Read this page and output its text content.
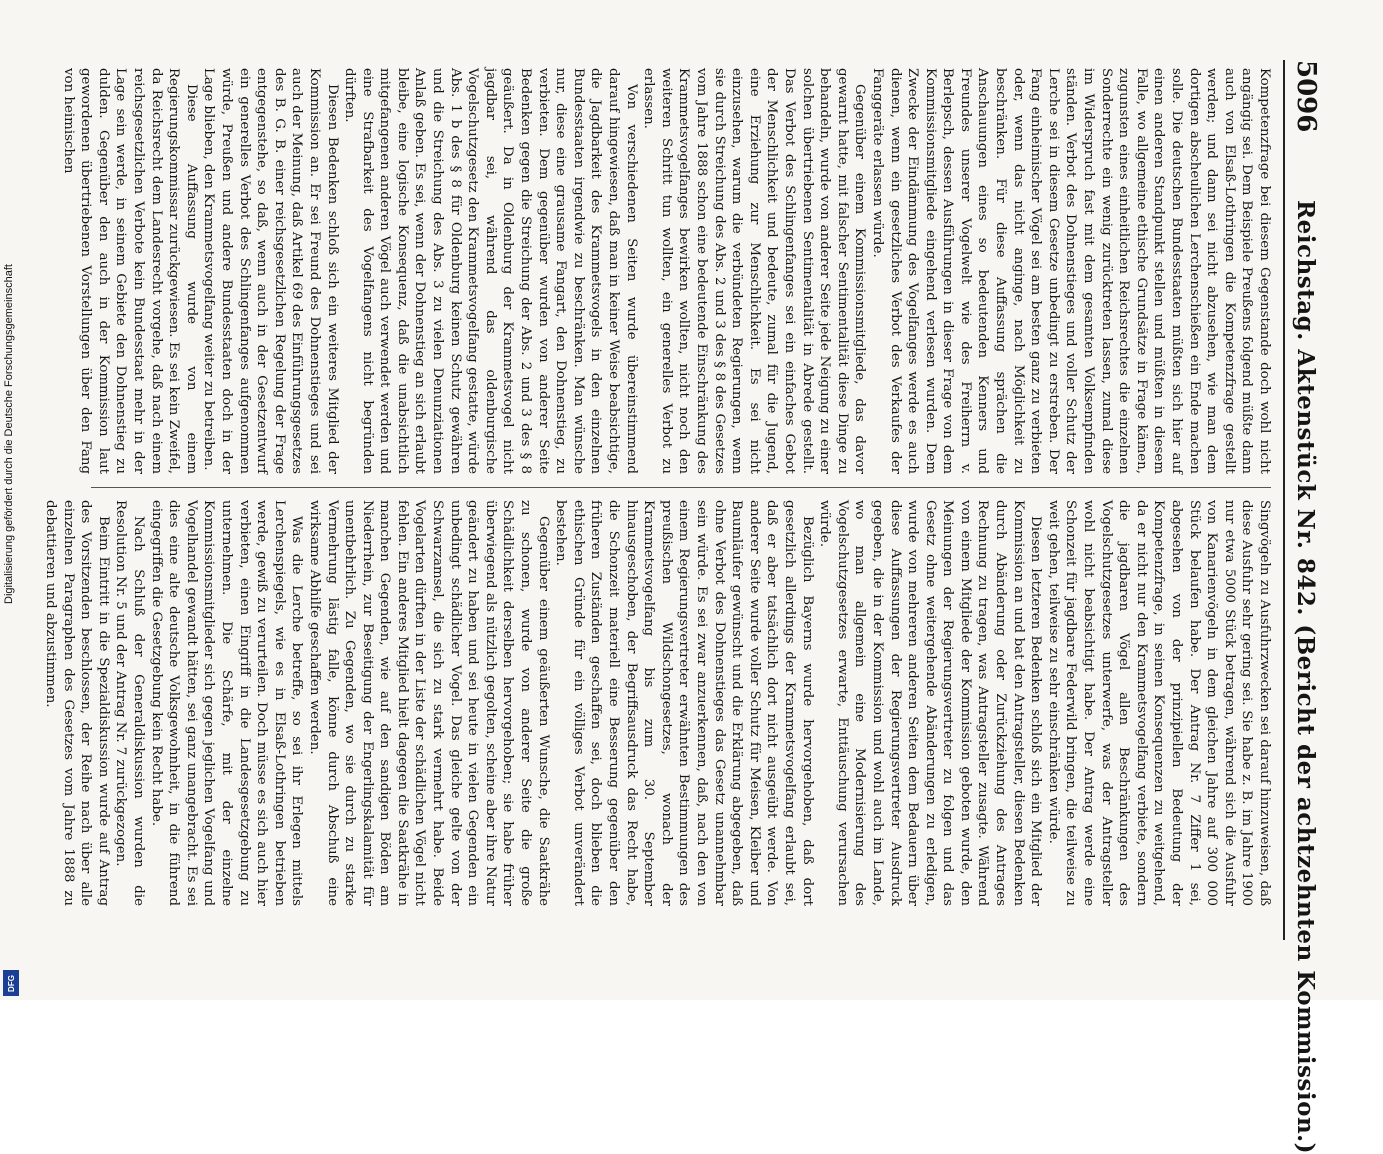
5096
Reichstag. Aktenstück Nr. 842. (Bericht der achtzehnten Kommission.)

Kompetenzfrage bei diesem Gegenstande doch wohl nicht angängig sei. Dem Beispiele Preußens folgend müßte dann auch von Elsaß-Lothringen die Kompetenzfrage gestellt werden; und dann sei nicht abzusehen, wie man dem dortigen abscheulichen Lerchenschießen ein Ende machen solle. Die deutschen Bundesstaaten müßten sich hier auf einen anderen Standpunkt stellen und müßten in diesem Falle, wo allgemeine ethische Grundsätze in Frage kämen, zugunsten eines einheitlichen Reichsrechtes die einzelnen Sonderrechte ein wenig zurücktreten lassen, zumal diese im Widerspruch fast mit dem gesamten Volksempfinden ständen. Verbot des Dohnenstieges und voller Schutz der Lerche sei in diesem Gesetze unbedingt zu erstreben. Der Fang einheimischer Vögel sei am besten ganz zu verbieten oder, wenn das nicht anginge, nach Möglichkeit zu beschränken. Für diese Auffassung sprächen die Anschauungen eines so bedeutenden Kenners und Freundes unserer Vogelwelt wie des Freiherrn v. Berlepsch, dessen Ausführungen in dieser Frage von dem Kommissionsmitgliede eingehend verlesen wurden. Dem Zwecke der Eindämmung des Vogelfanges werde es auch dienen, wenn ein gesetzliches Verbot des Verkaufes der Fanggeräte erlassen würde.

Gegenüber einem Kommissionsmitgliede, das davor gewarnt hatte, mit falscher Sentimentalität diese Dinge zu behandeln, wurde von anderer Seite jede Neigung zu einer solchen übertriebenen Sentimentalität in Abrede gestellt. Das Verbot des Schlingenfanges sei ein einfaches Gebot der Menschlichkeit und bedeute, zumal für die Jugend, eine Erziehung zur Menschlichkeit. Es sei nicht einzusehen, warum die verbündeten Regierungen, wenn sie durch Streichung des Abs. 2 und 3 des § 8 des Gesetzes vom Jahre 1888 schon eine bedeutende Einschränkung des Krammetsvogelfanges bewirken wollten, nicht noch den weiteren Schritt tun wollten, ein generelles Verbot zu erlassen.

Von verschiedenen Seiten wurde übereinstimmend darauf hingewiesen, daß man in keiner Weise beabsichtige, die Jagdbarkeit des Krammetsvogels in den einzelnen Bundesstaaten irgendwie zu beschränken. Man wünsche nur, diese eine grausame Fangart, den Dohnenstieg, zu verbieten. Dem gegenüber wurden von anderer Seite Bedenken gegen die Streichung der Abs. 2 und 3 des § 8 geäußert. Da in Oldenburg der Krammetsvogel nicht jagdbar sei, während das oldenburgische Vogelschutzgesetz den Krammetsvogelfang gestatte, würde Abs. 1 b des § 8 für Oldenburg keinen Schutz gewähren und die Streichung des Abs. 3 zu vielen Denunziationen Anlaß geben. Es sei, wenn der Dohnenstieg an sich erlaubt bleibe, eine logische Konsequenz, daß die unabsichtlich mitgefangenen anderen Vögel auch verwendet werden und eine Strafbarkeit des Vogelfangens nicht begründen dürften.

Diesen Bedenken schloß sich ein weiteres Mitglied der Kommission an. Er sei Freund des Dohnenstieges und sei auch der Meinung, daß Artikel 69 des Einführungsgesetzes des B. G. B. einer reichsgesetzlichen Regelung der Frage entgegenstehe, so daß, wenn auch in der Gesetzentwurf ein generelles Verbot des Schlingenfanges aufgenommen würde, Preußen und andere Bundesstaaten doch in der Lage blieben, den Krammetsvogelfang weiter zu betreiben.

Diese Auffassung wurde von einem Regierungskommissar zurückgewiesen. Es sei kein Zweifel, da Reichsrecht dem Landesrecht vorgehe, daß nach einem reichsgesetzlichen Verbote kein Bundesstaat mehr in der Lage sein werde, in seinem Gebiete den Dohnenstieg zu dulden. Gegenüber den auch in der Kommission laut gewordenen übertriebenen Vorstellungen über den Fang von heimischen

Singvögeln zu Ausfuhrzwecken sei darauf hinzuweisen, daß diese Ausfuhr sehr gering sei. Sie habe z. B. im Jahre 1900 nur etwa 5000 Stück betragen, während sich die Ausfuhr von Kanarienvögeln in dem gleichen Jahre auf 300 000 Stück belaufen habe. Der Antrag Nr. 7 Ziffer 1 sei, abgesehen von der prinzipiellen Bedeutung der Kompetenzfrage, in seinen Konsequenzen zu weitgehend, da er nicht nur den Krammetsvogelfang verbiete, sondern die jagdbaren Vögel allen Beschränkungen des Vogelschutzgesetzes unterwerfe, was der Antragsteller wohl nicht beabsichtigt habe. Der Antrag werde eine Schonzeit für jagdbare Federwild bringen, die teilweise zu weit gehen, teilweise zu sehr einschränken würde.

Diesen letzteren Bedenken schloß sich ein Mitglied der Kommission an und bat den Antragsteller, diesen Bedenken durch Abänderung oder Zurückziehung des Antrages Rechnung zu tragen, was Antragsteller zusagte. Während von einem Mitgliede der Kommission geboten wurde, den Meinungen der Regierungsvertreter zu folgen und das Gesetz ohne weitergehende Abänderungen zu erledigen, wurde von mehreren anderen Seiten dem Bedauern über diese Auffassungen der Regierungsvertreter Ausdruck gegeben, die in der Kommission und wohl auch im Lande, wo man allgemein eine Modernisierung des Vogelschutzgesetzes erwarte, Enttäuschung verursachen würde.

Bezüglich Bayerns wurde hervorgehoben, daß dort gesetzlich allerdings der Krammetsvogelfang erlaubt sei, daß er aber tatsächlich dort nicht ausgeübt werde. Von anderer Seite wurde voller Schutz für Meisen, Kleiber und Baumläufer gewünscht und die Erklärung abgegeben, daß ohne Verbot des Dohnenstieges das Gesetz unannehmbar sein würde. Es sei zwar anzuerkennen, daß, nach den von einem Regierungsvertreter erwähnten Bestimmungen des preußischen Wildschongesetzes, wonach der Krammetsvogelfang bis zum 30. September hinausgeschoben, der Begriffsausdruck das Recht habe, die Schonzeit materiell eine Besserung gegenüber den früheren Zuständen geschaffen sei, doch blieben die ethischen Gründe für ein völliges Verbot unverändert bestehen.

Gegenüber einem geäußerten Wunsche, die Saatkrähe zu schonen, wurde von anderer Seite die große Schädlichkeit derselben hervorgehoben; sie habe früher überwiegend als nützlich gegolten, scheine aber ihre Natur geändert zu haben und sei heute in vielen Gegenden ein unbedingt schädlicher Vogel. Das gleiche gelte von der Schwarzamsel, die sich zu stark vermehrt habe. Beide Vogelarten dürften in der Liste der schädlichen Vögel nicht fehlen. Ein anderes Mitglied hielt dagegen die Saatkrähe in manchen Gegenden, wie auf den sandigen Böden am Niederrhein, zur Beseitigung der Engerlingskalamität für unentbehrlich. Zu Gegenden, wo sie durch zu starke Vermehrung lästig falle, könne durch Abschuß eine wirksame Abhilfe geschaffen werden.

Was die Lerche betreffe, so sei ihr Erlegen mittels Lerchenspiegels, wie es in Elsaß-Lothringen betrieben werde, gewiß zu verurteilen. Doch müsse es sich auch hier verbieten, einen Eingriff in die Landesgesetzgebung zu unternehmen. Die Schärfe, mit der einzelne Kommissionsmitglieder sich gegen jeglichen Vogelfang und Vogelhandel gewandt hätten, sei ganz unangebracht. Es sei dies eine alte deutsche Volksgewohnheit, in die führend eingegriffen die Gesetzgebung kein Recht habe.

Nach Schluß der Generaldiskussion wurden die Resolution Nr. 5 und der Antrag Nr. 7 zurückgezogen.

Beim Eintritt in die Spezialdiskussion wurde auf Antrag des Vorsitzenden beschlossen, der Reihe nach über alle einzelnen Paragraphen des Gesetzes vom Jahre 1888 zu debattieren und abzustimmen.

Digitalisierung gefördert durch die Deutsche Forschungsgemeinschaft
DFG
